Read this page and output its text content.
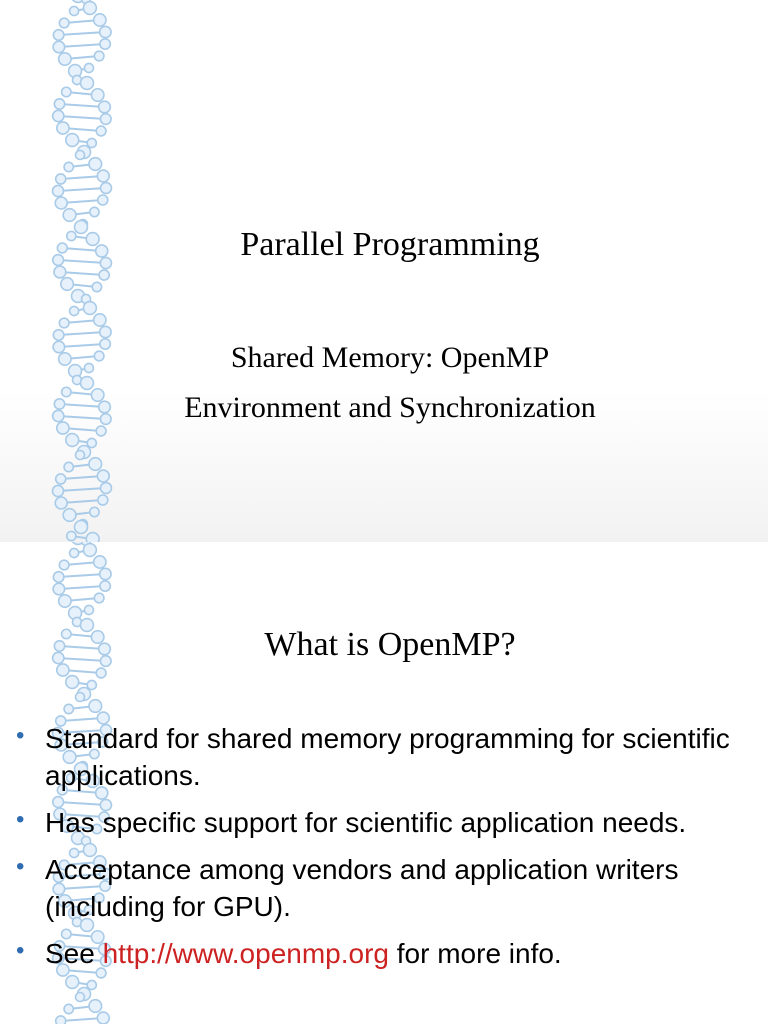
Parallel Programming
Shared Memory: OpenMP
Environment and Synchronization
What is OpenMP?
• Standard for shared memory programming for scientific applications.
• Has specific support for scientific application needs.
• Acceptance among vendors and application writers (including for GPU).
• See http://www.openmp.org for more info.
